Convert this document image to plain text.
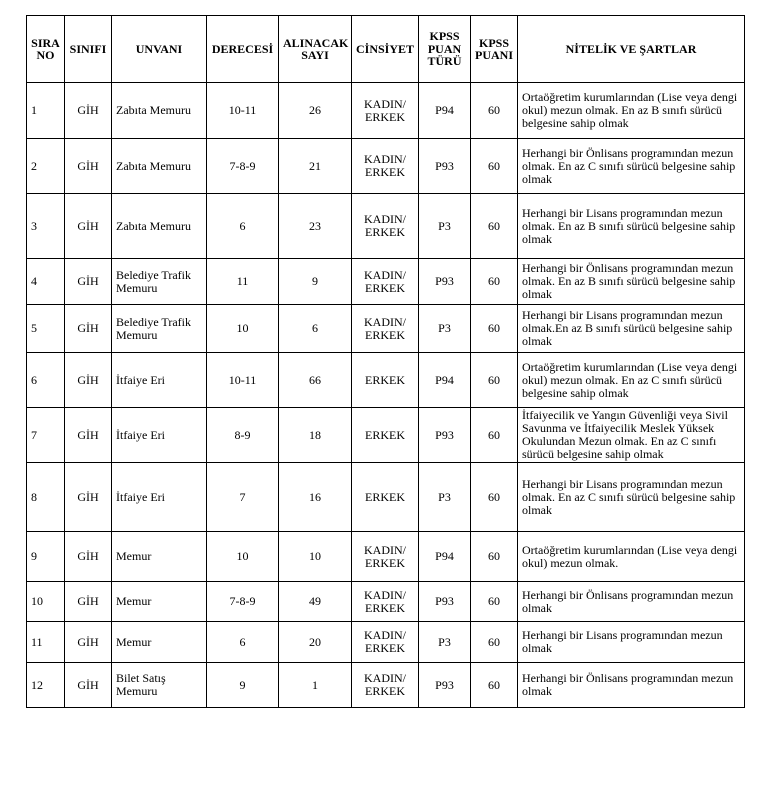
SIRA
NO	SINIFI	UNVANI	DERECESİ	ALINACAK
SAYI	CİNSİYET	KPSS
PUAN
TÜRÜ	KPSS
PUANI	NİTELİK VE ŞARTLAR
1	GİH	Zabıta Memuru	10-11	26	KADIN/
ERKEK	P94	60	Ortaöğretim kurumlarından (Lise veya dengi okul) mezun olmak. En az B sınıfı sürücü belgesine sahip olmak
2	GİH	Zabıta Memuru	7-8-9	21	KADIN/
ERKEK	P93	60	Herhangi bir Önlisans programından mezun olmak. En az C sınıfı sürücü belgesine sahip olmak
3	GİH	Zabıta Memuru	6	23	KADIN/
ERKEK	P3	60	Herhangi bir Lisans programından mezun olmak. En az B sınıfı sürücü belgesine sahip olmak
4	GİH	Belediye Trafik
Memuru	11	9	KADIN/
ERKEK	P93	60	Herhangi bir Önlisans programından mezun olmak. En az B sınıfı sürücü belgesine sahip olmak
5	GİH	Belediye Trafik
Memuru	10	6	KADIN/
ERKEK	P3	60	Herhangi bir Lisans programından mezun olmak.En az B sınıfı sürücü belgesine sahip olmak
6	GİH	İtfaiye Eri	10-11	66	ERKEK	P94	60	Ortaöğretim kurumlarından (Lise veya dengi okul) mezun olmak. En az C sınıfı sürücü belgesine sahip olmak
7	GİH	İtfaiye Eri	8-9	18	ERKEK	P93	60	İtfaiyecilik ve Yangın Güvenliği veya Sivil Savunma ve İtfaiyecilik Meslek Yüksek Okulundan Mezun olmak. En az C sınıfı sürücü belgesine sahip olmak
8	GİH	İtfaiye Eri	7	16	ERKEK	P3	60	Herhangi bir Lisans programından mezun olmak. En az C sınıfı sürücü belgesine sahip olmak
9	GİH	Memur	10	10	KADIN/
ERKEK	P94	60	Ortaöğretim kurumlarından (Lise veya dengi okul) mezun olmak.
10	GİH	Memur	7-8-9	49	KADIN/
ERKEK	P93	60	Herhangi bir Önlisans programından mezun olmak
11	GİH	Memur	6	20	KADIN/
ERKEK	P3	60	Herhangi bir Lisans programından mezun olmak
12	GİH	Bilet Satış
Memuru	9	1	KADIN/
ERKEK	P93	60	Herhangi bir Önlisans programından mezun olmak
